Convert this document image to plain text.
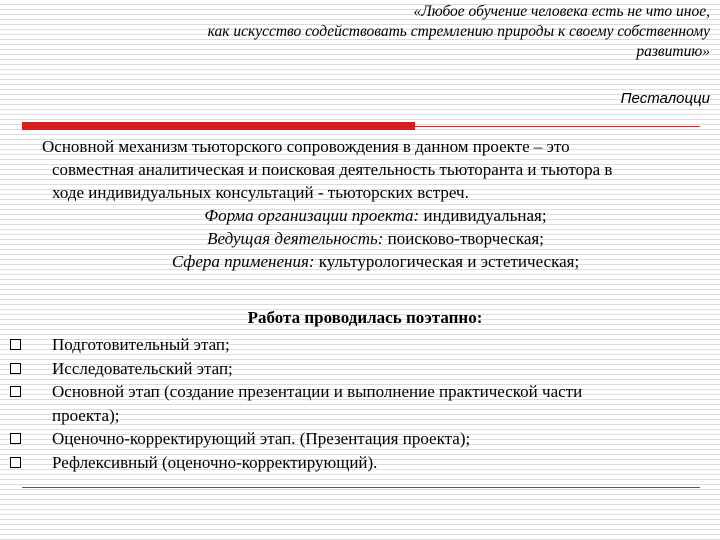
«Любое обучение человека есть не что иное,
как искусство содействовать стремлению природы к своему собственному
развитию»
Песталоцци
Основной механизм тьюторского сопровождения в данном проекте – это
совместная аналитическая и поисковая деятельность тьюторанта и тьютора в
ходе индивидуальных консультаций - тьюторских встреч.
Форма организации проекта: индивидуальная;
Ведущая деятельность: поисково-творческая;
Сфера применения: культурологическая и эстетическая;
Работа проводилась поэтапно:
Подготовительный этап;
Исследовательский этап;
Основной этап (создание презентации и выполнение практической части
проекта);
Оценочно-корректирующий этап. (Презентация проекта);
Рефлексивный (оценочно-корректирующий).
